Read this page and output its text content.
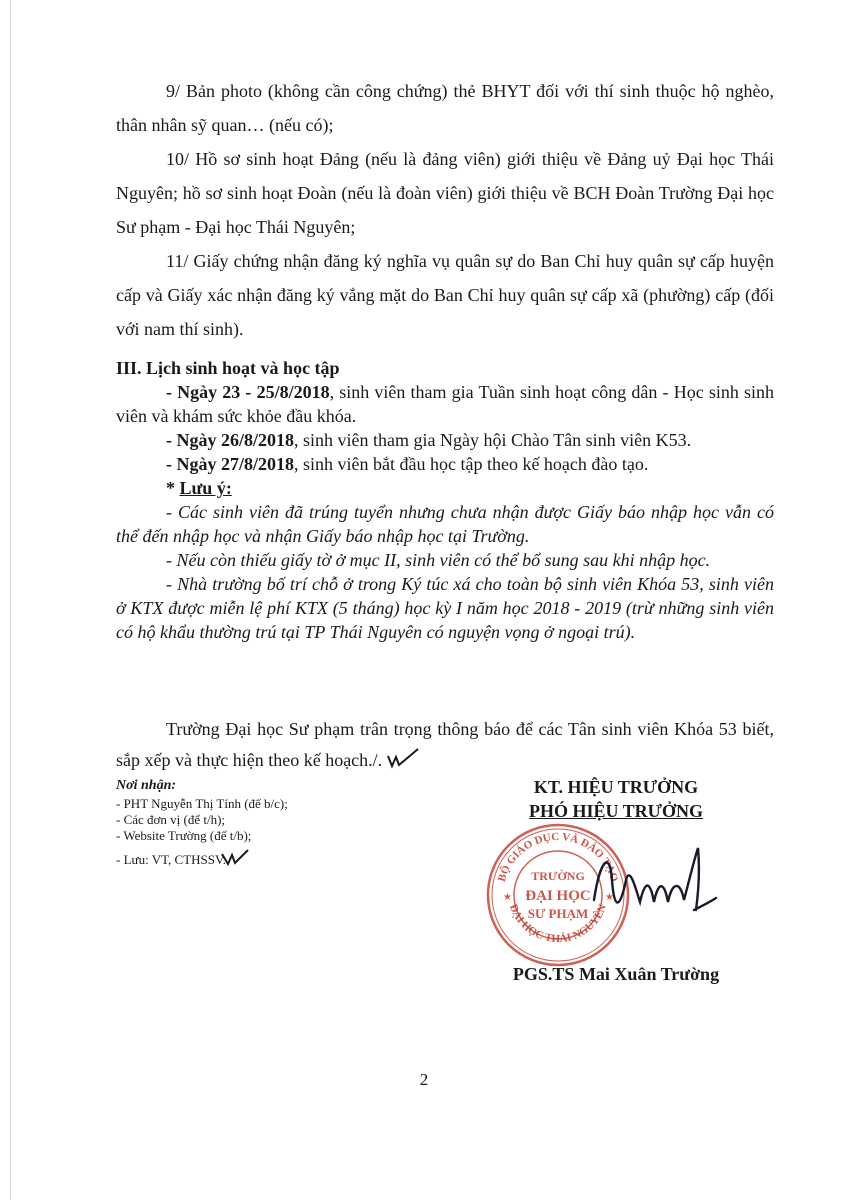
9/ Bản photo (không cần công chứng) thẻ BHYT đối với thí sinh thuộc hộ nghèo, thân nhân sỹ quan… (nếu có);

10/ Hồ sơ sinh hoạt Đảng (nếu là đảng viên) giới thiệu về Đảng uỷ Đại học Thái Nguyên; hồ sơ sinh hoạt Đoàn (nếu là đoàn viên) giới thiệu về BCH Đoàn Trường Đại học Sư phạm - Đại học Thái Nguyên;

11/ Giấy chứng nhận đăng ký nghĩa vụ quân sự do Ban Chỉ huy quân sự cấp huyện cấp và Giấy xác nhận đăng ký vắng mặt do Ban Chỉ huy quân sự cấp xã (phường) cấp (đối với nam thí sinh).

III. Lịch sinh hoạt và học tập

- Ngày 23 - 25/8/2018, sinh viên tham gia Tuần sinh hoạt công dân - Học sinh sinh viên và khám sức khỏe đầu khóa.

- Ngày 26/8/2018, sinh viên tham gia Ngày hội Chào Tân sinh viên K53.

- Ngày 27/8/2018, sinh viên bắt đầu học tập theo kế hoạch đào tạo.

* Lưu ý:

- Các sinh viên đã trúng tuyển nhưng chưa nhận được Giấy báo nhập học vẫn có thể đến nhập học và nhận Giấy báo nhập học tại Trường.

- Nếu còn thiếu giấy tờ ở mục II, sinh viên có thể bổ sung sau khi nhập học.

- Nhà trường bố trí chỗ ở trong Ký túc xá cho toàn bộ sinh viên Khóa 53, sinh viên ở KTX được miễn lệ phí KTX (5 tháng) học kỳ I năm học 2018 - 2019 (trừ những sinh viên có hộ khẩu thường trú tại TP Thái Nguyên có nguyện vọng ở ngoại trú).

Trường Đại học Sư phạm trân trọng thông báo để các Tân sinh viên Khóa 53 biết, sắp xếp và thực hiện theo kế hoạch./.

Nơi nhận:
- PHT Nguyễn Thị Tính (để b/c);
- Các đơn vị (để t/h);
- Website Trường (để t/b);
- Lưu: VT, CTHSSV.
KT. HIỆU TRƯỞNG
PHÓ HIỆU TRƯỞNG
BỘ GIÁO DỤC VÀ ĐÀO TẠO
ĐẠI HỌC THÁI NGUYÊN
TRƯỜNG
ĐẠI HỌC
SƯ PHẠM
★	★
PGS.TS Mai Xuân Trường
2
